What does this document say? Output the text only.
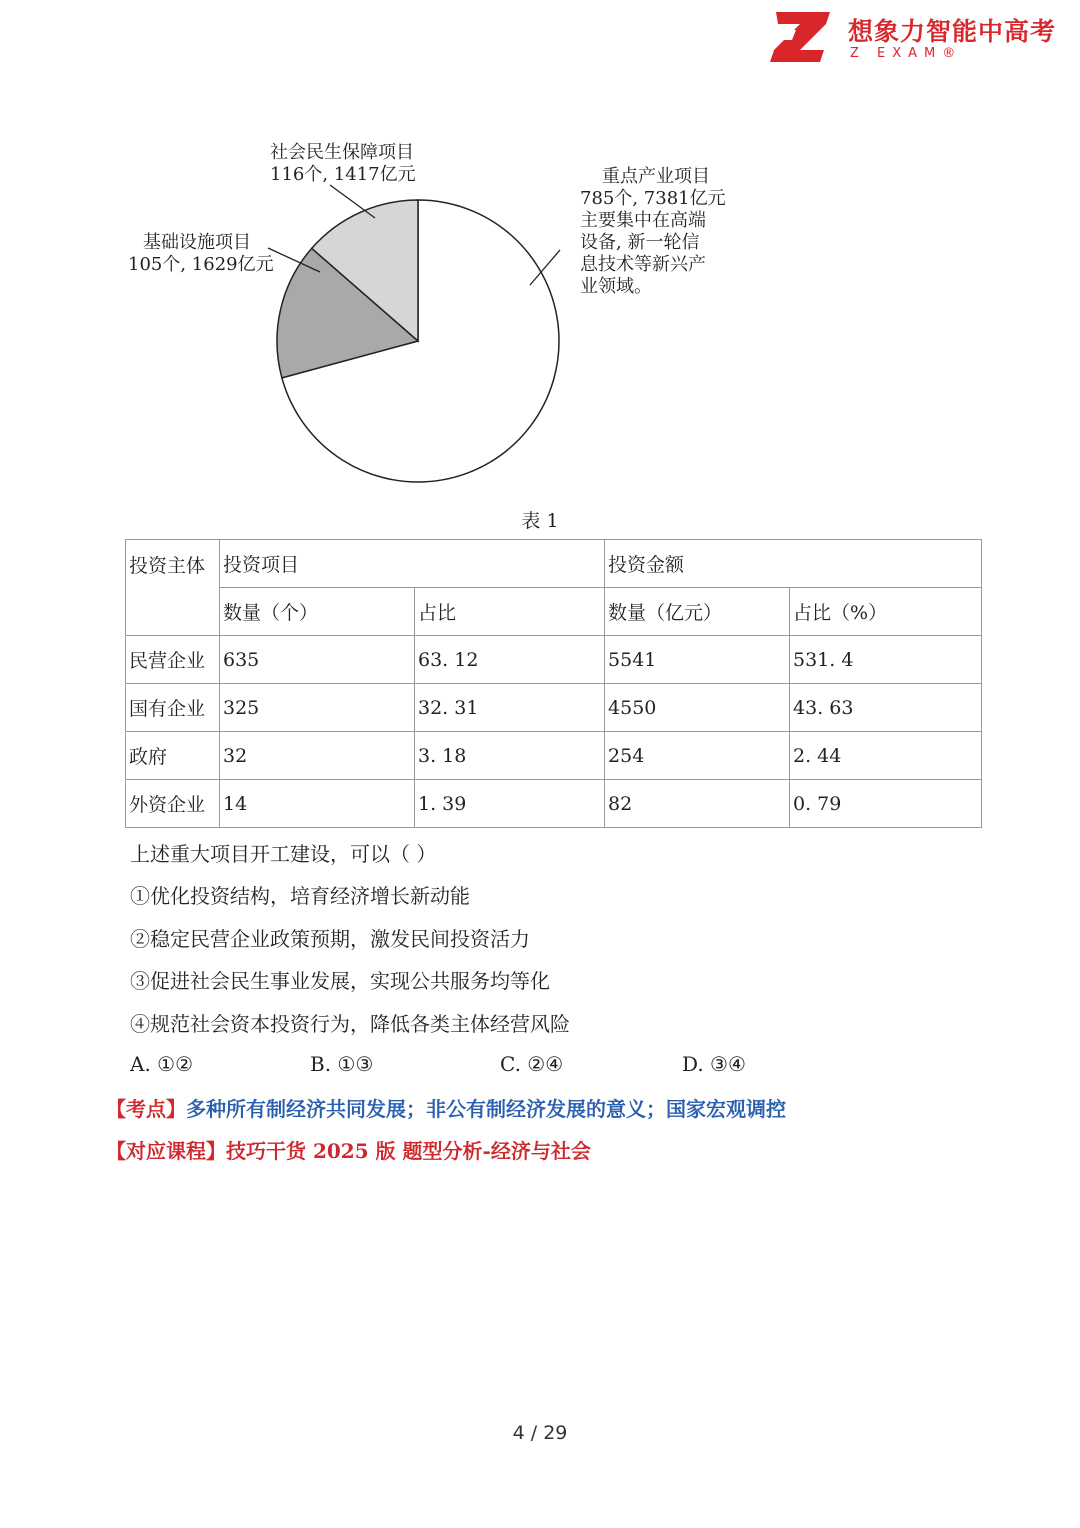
想象力智能中高考
Z EXAM®
社会民生保障项目
116个, 1417亿元
基础设施项目
105个, 1629亿元
重点产业项目
785个, 7381亿元
主要集中在高端
设备, 新一轮信
息技术等新兴产
业领域。
表 1
投资主体	投资项目		投资金额	
	数量（个）	占比	数量（亿元）	占比（%）
民营企业	635	63. 12	5541	531. 4
国有企业	325	32. 31	4550	43. 63
政府	32	3. 18	254	2. 44
外资企业	14	1. 39	82	0. 79
上述重大项目开工建设，可以（ ）
①优化投资结构，培育经济增长新动能
②稳定民营企业政策预期，激发民间投资活力
③促进社会民生事业发展，实现公共服务均等化
④规范社会资本投资行为，降低各类主体经营风险
A. ①②	B. ①③	C. ②④	D. ③④
【考点】多种所有制经济共同发展；非公有制经济发展的意义；国家宏观调控
【对应课程】技巧干货 2025 版 题型分析-经济与社会
4 / 29
